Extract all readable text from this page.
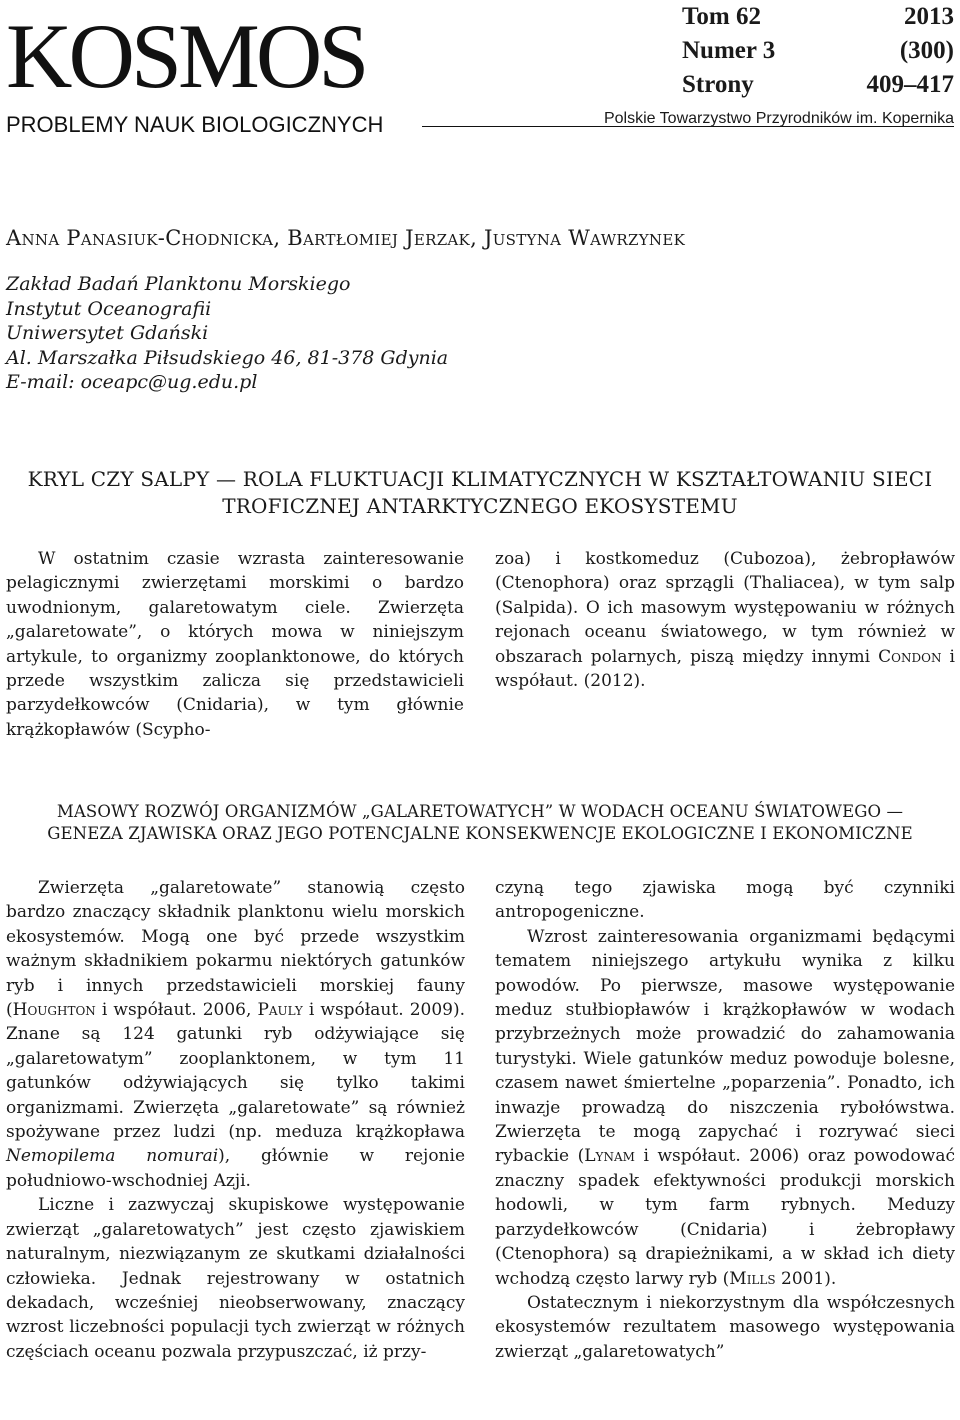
KOSMOS
PROBLEMY NAUK BIOLOGICZNYCH
Tom 62	2013
Numer 3	(300)
Strony	409–417
Polskie Towarzystwo Przyrodników im. Kopernika
Anna Panasiuk-Chodnicka, Bartłomiej Jerzak, Justyna Wawrzynek
Zakład Badań Planktonu Morskiego
Instytut Oceanografii
Uniwersytet Gdański
Al. Marszałka Piłsudskiego 46, 81-378 Gdynia
E-mail: oceapc@ug.edu.pl
KRYL CZY SALPY — ROLA FLUKTUACJI KLIMATYCZNYCH W KSZTAŁTOWANIU SIECI
TROFICZNEJ ANTARKTYCZNEGO EKOSYSTEMU

W ostatnim czasie wzrasta zainteresowanie pelagicznymi zwierzętami morskimi o bardzo uwodnionym, galaretowatym ciele. Zwierzęta „galaretowate”, o których mowa w niniejszym artykule, to organizmy zooplanktonowe, do których przede wszystkim zalicza się przedstawicieli parzydełkowców (Cnidaria), w tym głównie krążkopławów (Scypho-

zoa) i kostkomeduz (Cubozoa), żebropławów (Ctenophora) oraz sprzągli (Thaliacea), w tym salp (Salpida). O ich masowym występowaniu w różnych rejonach oceanu światowego, w tym również w obszarach polarnych, piszą między innymi Condon i współaut. (2012).

MASOWY ROZWÓJ ORGANIZMÓW „GALARETOWATYCH” W WODACH OCEANU ŚWIATOWEGO —
GENEZA ZJAWISKA ORAZ JEGO POTENCJALNE KONSEKWENCJE EKOLOGICZNE I EKONOMICZNE

Zwierzęta „galaretowate” stanowią często bardzo znaczący składnik planktonu wielu morskich ekosystemów. Mogą one być przede wszystkim ważnym składnikiem pokarmu niektórych gatunków ryb i innych przedstawicieli morskiej fauny (Houghton i współaut. 2006, Pauly i współaut. 2009). Znane są 124 gatunki ryb odżywiające się „galaretowatym” zooplanktonem, w tym 11 gatunków odżywiających się tylko takimi organizmami. Zwierzęta „galaretowate” są również spożywane przez ludzi (np. meduza krążkopława Nemopilema nomurai), głównie w rejonie południowo-wschodniej Azji.

Liczne i zazwyczaj skupiskowe występowanie zwierząt „galaretowatych” jest często zjawiskiem naturalnym, niezwiązanym ze skutkami działalności człowieka. Jednak rejestrowany w ostatnich dekadach, wcześniej nieobserwowany, znaczący wzrost liczebności populacji tych zwierząt w różnych częściach oceanu pozwala przypuszczać, iż przy-

czyną tego zjawiska mogą być czynniki antropogeniczne.

Wzrost zainteresowania organizmami będącymi tematem niniejszego artykułu wynika z kilku powodów. Po pierwsze, masowe występowanie meduz stułbiopławów i krążkopławów w wodach przybrzeżnych może prowadzić do zahamowania turystyki. Wiele gatunków meduz powoduje bolesne, czasem nawet śmiertelne „poparzenia”. Ponadto, ich inwazje prowadzą do niszczenia rybołówstwa. Zwierzęta te mogą zapychać i rozrywać sieci rybackie (Lynam i współaut. 2006) oraz powodować znaczny spadek efektywności produkcji morskich hodowli, w tym farm rybnych. Meduzy parzydełkowców (Cnidaria) i żebropławy (Ctenophora) są drapieżnikami, a w skład ich diety wchodzą często larwy ryb (Mills 2001).

Ostatecznym i niekorzystnym dla współczesnych ekosystemów rezultatem masowego występowania zwierząt „galaretowatych”
